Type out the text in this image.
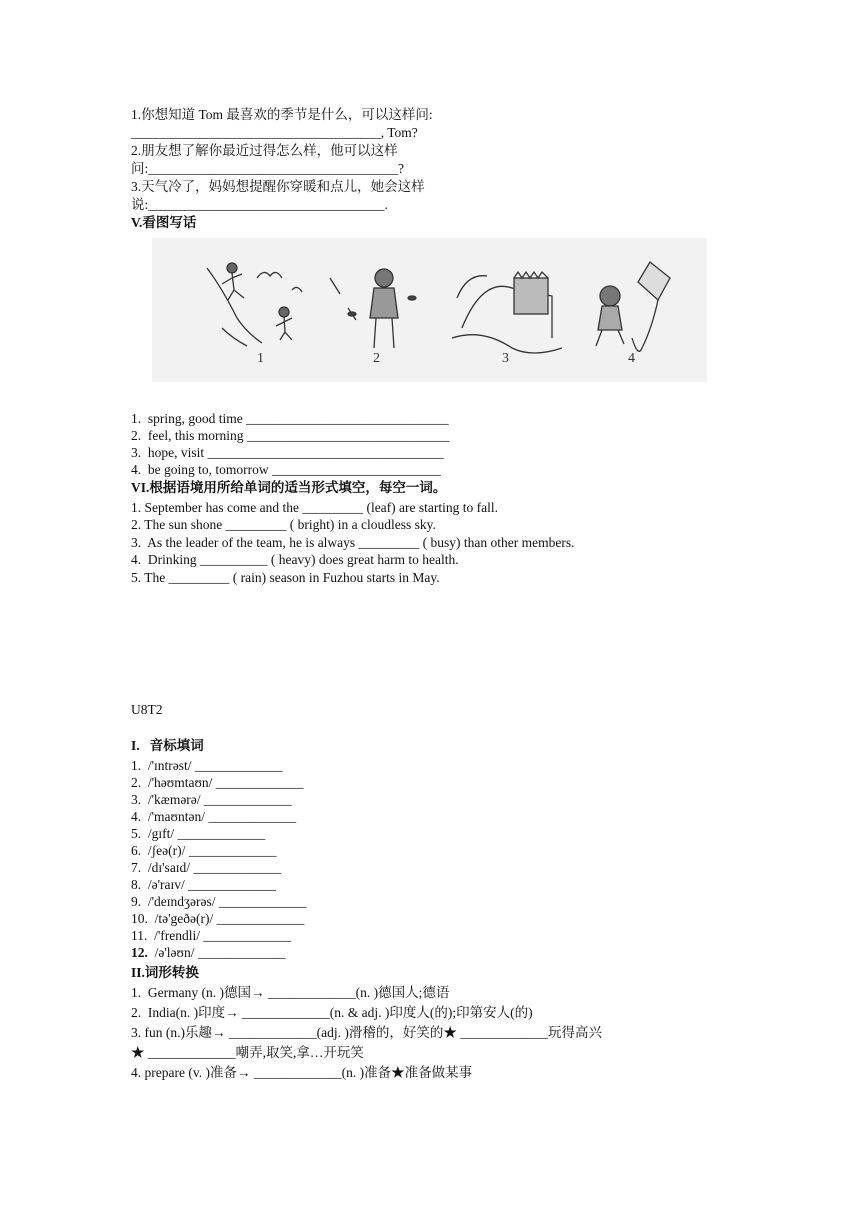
1.你想知道 Tom 最喜欢的季节是什么，可以这样问:
_____________________________________, Tom?
2.朋友想了解你最近过得怎么样，他可以这样
问:_____________________________________?
3.天气冷了，妈妈想提醒你穿暖和点儿，她会这样
说:___________________________________.
V.看图写话
1	2	3	4
1.  spring, good time ______________________________
2.  feel, this morning ______________________________
3.  hope, visit ___________________________________
4.  be going to, tomorrow _________________________
VI.根据语境用所给单词的适当形式填空，每空一词。
1. September has come and the _________ (leaf) are starting to fall.
2. The sun shone _________ ( bright) in a cloudless sky.
3.  As the leader of the team, he is always _________ ( busy) than other members.
4.  Drinking __________ ( heavy) does great harm to health.
5. The _________ ( rain) season in Fuzhou starts in May.
U8T2
I.   音标填词
1.  /'ɪntrəst/ _____________
2.  /'həʊmtaʊn/ _____________
3.  /'kæmərə/ _____________
4.  /'maʊntən/ _____________
5.  /gɪft/ _____________
6.  /ʃeə(r)/ _____________
7.  /dɪ'saɪd/ _____________
8.  /ə'raɪv/ _____________
9.  /'deɪndʒərəs/ _____________
10.  /tə'geðə(r)/ _____________
11.  /'frendli/ _____________
12.  /ə'ləʊn/ _____________
II.词形转换
1.  Germany (n. )德国→ _____________(n. )德国人;德语
2.  India(n. )印度→ _____________(n. & adj. )印度人(的);印第安人(的)
3. fun (n.)乐趣→ _____________(adj. )滑稽的，好笑的★ _____________玩得高兴
★ _____________嘲弄,取笑,拿…开玩笑
4. prepare (v. )准备→ _____________(n. )准备★准备做某事
